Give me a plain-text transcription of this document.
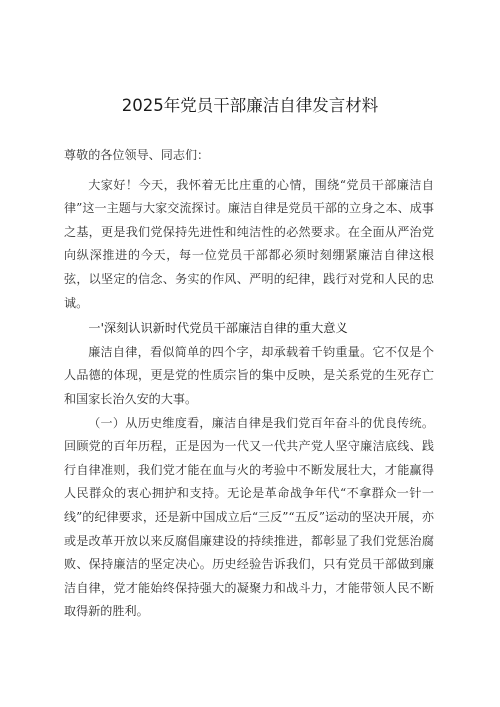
2025年党员干部廉洁自律发言材料

尊敬的各位领导、同志们：

大家好！今天，我怀着无比庄重的心情，围绕“党员干部廉洁自律”这一主题与大家交流探讨。廉洁自律是党员干部的立身之本、成事之基，更是我们党保持先进性和纯洁性的必然要求。在全面从严治党向纵深推进的今天，每一位党员干部都必须时刻绷紧廉洁自律这根弦，以坚定的信念、务实的作风、严明的纪律，践行对党和人民的忠诚。

一'深刻认识新时代党员干部廉洁自律的重大意义

廉洁自律，看似简单的四个字，却承载着千钧重量。它不仅是个人品德的体现，更是党的性质宗旨的集中反映，是关系党的生死存亡和国家长治久安的大事。

（一）从历史维度看，廉洁自律是我们党百年奋斗的优良传统。回顾党的百年历程，正是因为一代又一代共产党人坚守廉洁底线、践行自律准则，我们党才能在血与火的考验中不断发展壮大，才能赢得人民群众的衷心拥护和支持。无论是革命战争年代“不拿群众一针一线”的纪律要求，还是新中国成立后“三反”“五反”运动的坚决开展，亦或是改革开放以来反腐倡廉建设的持续推进，都彰显了我们党惩治腐败、保持廉洁的坚定决心。历史经验告诉我们，只有党员干部做到廉洁自律，党才能始终保持强大的凝聚力和战斗力，才能带领人民不断取得新的胜利。
